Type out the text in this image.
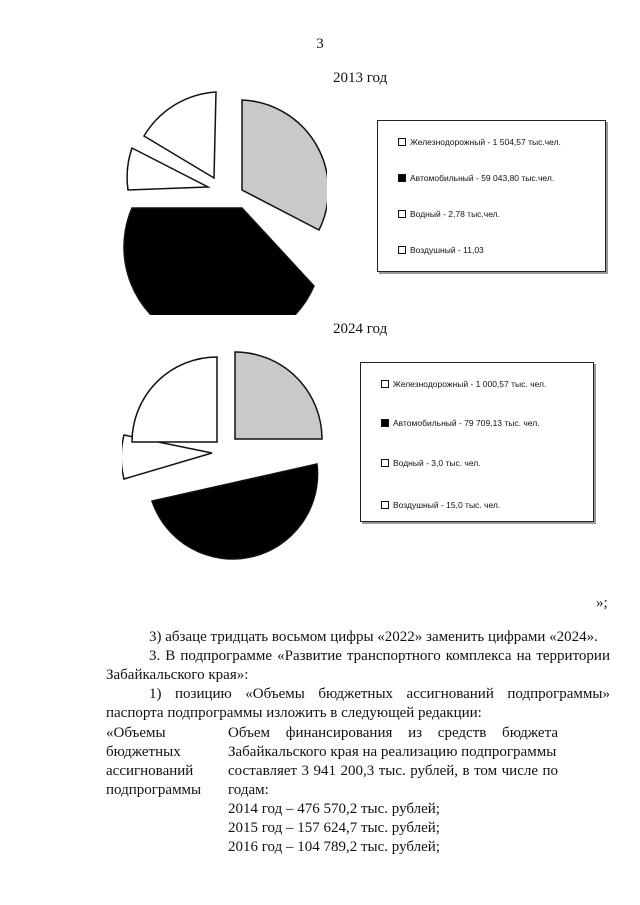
3
2013 год
Железнодорожный - 1 504,57 тыс.чел.
Автомобильный - 59 043,80 тыс.чел.
Водный - 2,78 тыс.чел.
Воздушный - 11,03
2024 год
Железнодорожный - 1 000,57 тыс. чел.
Автомобильный - 79 709,13 тыс. чел.
Водный - 3,0 тыс. чел.
Воздушный - 15,0 тыс. чел.
»;
3) абзаце тридцать восьмом цифры «2022» заменить цифрами «2024».
3. В подпрограмме «Развитие транспортного комплекса на территории
Забайкальского края»:
1) позицию «Объемы бюджетных ассигнований подпрограммы»
паспорта подпрограммы изложить в следующей редакции:
«Объемы
бюджетных
ассигнований
подпрограммы
Объем финансирования из средств бюджета
Забайкальского края на реализацию подпрограммы
составляет 3 941 200,3 тыс. рублей, в том числе по
годам:
2014 год – 476 570,2 тыс. рублей;
2015 год – 157 624,7 тыс. рублей;
2016 год – 104 789,2 тыс. рублей;
